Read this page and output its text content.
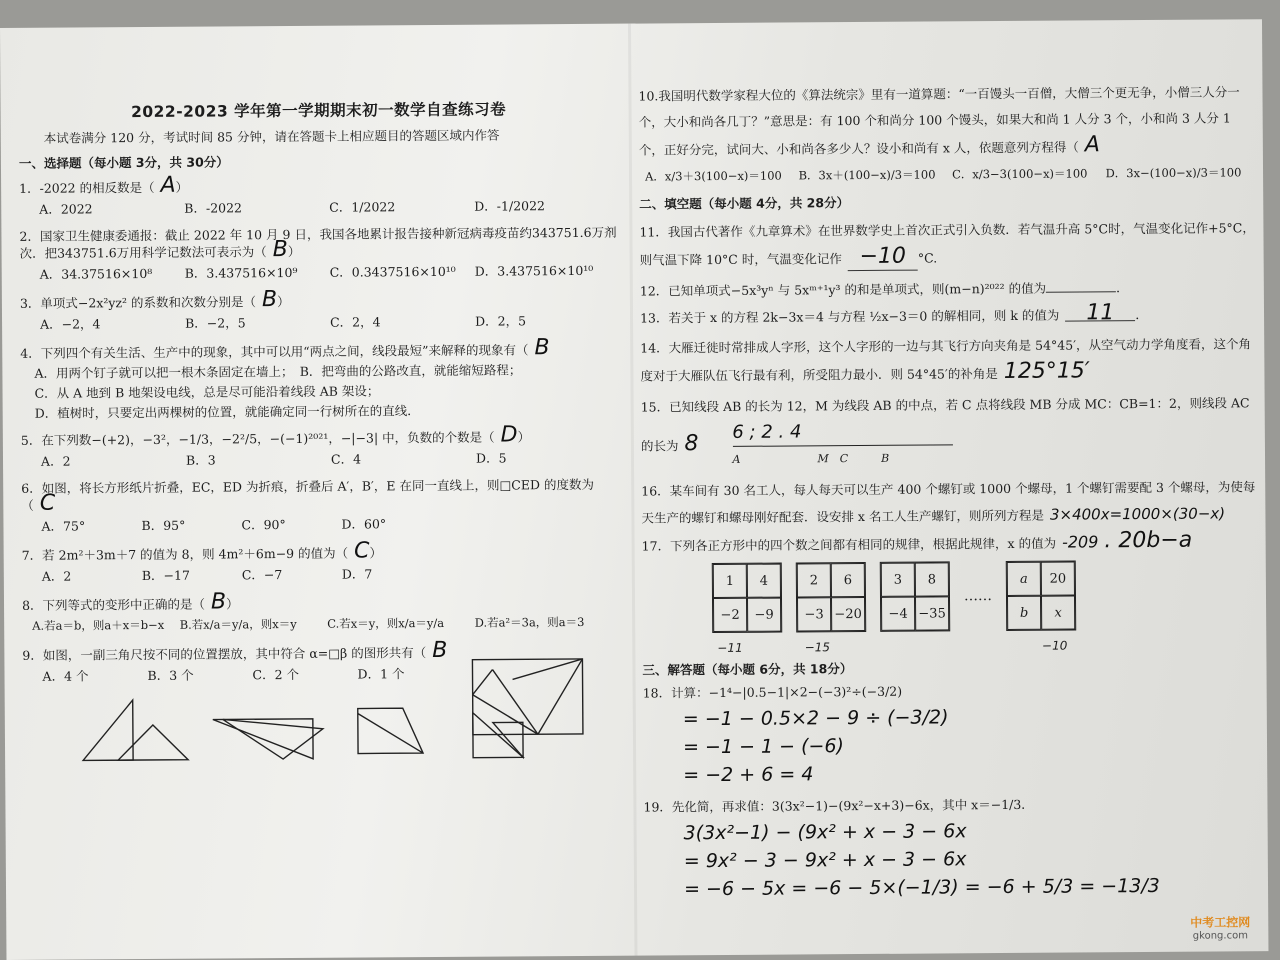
2022-2023 学年第一学期期末初一数学自查练习卷
本试卷满分 120 分，考试时间 85 分钟，请在答题卡上相应题目的答题区域内作答
一、选择题（每小题 3分，共 30分）

1．-2022 的相反数是（ A）

A．2022	B．-2022	C．1/2022	D．-1/2022

2．国家卫生健康委通报：截止 2022 年 10 月 9 日，我国各地累计报告接种新冠病毒疫苗约343751.6万剂次．把343751.6万用科学记数法可表示为（ B）

A．34.37516×10⁸	B．3.437516×10⁹	C．0.3437516×10¹⁰	D．3.437516×10¹⁰

3．单项式−2x²yz² 的系数和次数分别是（ B）

A．−2，4	B．−2，5	C．2，4	D．2，5

4．下列四个有关生活、生产中的现象，其中可以用“两点之间，线段最短”来解释的现象有（ B

A．用两个钉子就可以把一根木条固定在墙上；　B．把弯曲的公路改直，就能缩短路程；

C．从 A 地到 B 地架设电线，总是尽可能沿着线段 AB 架设；

D．植树时，只要定出两棵树的位置，就能确定同一行树所在的直线．

5．在下列数−(+2)，−3²，−1/3，−2²/5，−(−1)²⁰²¹，−|−3| 中，负数的个数是（ D）

A．2	B．3	C．4	D．5

6．如图，将长方形纸片折叠，EC，ED 为折痕，折叠后 A′，B′，E 在同一直线上，则□CED 的度数为（ C

A．75°	B．95°	C．90°	D．60°

7．若 2m²＋3m＋7 的值为 8，则 4m²＋6m−9 的值为（ C）

A．2	B．−17	C．−7	D．7

8．下列等式的变形中正确的是（ B）

A.若a＝b，则a＋x＝b−x	B.若x/a＝y/a，则x＝y	C.若x＝y，则x/a＝y/a	D.若a²＝3a，则a＝3

9．如图，一副三角尺按不同的位置摆放，其中符合 α=□β 的图形共有（ B

A．4 个	B．3 个	C．2 个	D．1 个

10.我国明代数学家程大位的《算法统宗》里有一道算题：“一百馒头一百僧，大僧三个更无争，小僧三人分一个，大小和尚各几丁？”意思是：有 100 个和尚分 100 个馒头，如果大和尚 1 人分 3 个，小和尚 3 人分 1 个，正好分完，试问大、小和尚各多少人？设小和尚有 x 人，依题意列方程得（ A

A．x/3＋3(100−x)＝100	B．3x＋(100−x)/3＝100	C．x/3−3(100−x)＝100	D．3x−(100−x)/3＝100
二、填空题（每小题 4分，共 28分）

11．我国古代著作《九章算术》在世界数学史上首次正式引入负数．若气温升高 5°C时，气温变化记作+5°C，则气温下降 10°C 时，气温变化记作 −10 °C.

12．已知单项式−5x³yⁿ 与 5xᵐ⁺¹y³ 的和是单项式，则(m−n)²⁰²² 的值为	．

13．若关于 x 的方程 2k−3x＝4 与方程 ½x−3＝0 的解相同，则 k 的值为 11 ．

14．大雁迁徙时常排成人字形，这个人字形的一边与其飞行方向夹角是 54°45′，从空气动力学角度看，这个角度对于大雁队伍飞行最有利，所受阻力最小．则 54°45′的补角是 125°15′

15．已知线段 AB 的长为 12，M 为线段 AB 的中点，若 C 点将线段 MB 分成 MC：CB=1：2，则线段 AC 的长为 8 6 ; 2 . 4
A　　　　　　　M　C　　　B

16．某车间有 30 名工人，每人每天可以生产 400 个螺钉或 1000 个螺母，1 个螺钉需要配 3 个螺母，为使每天生产的螺钉和螺母刚好配套．设安排 x 名工人生产螺钉，则所列方程是 3×400x=1000×(30−x)

17．下列各正方形中的四个数之间都有相同的规律，根据此规律，x 的值为 -209 . 20b−a

1	4
−2	−9
2	6
−3 −20
3	8
−4 −35
……
a	20
b	x
−11	−15	−10
三、解答题（每小题 6分，共 18分）

18．计算：−1⁴−|0.5−1|×2−(−3)²÷(−3/2)

= −1 − 0.5×2 − 9 ÷ (−3/2)
= −1 − 1 − (−6)
= −2 + 6 = 4

19．先化简，再求值：3(3x²−1)−(9x²−x+3)−6x，其中 x＝−1/3．

3(3x²−1) − (9x² + x − 3 − 6x
= 9x² − 3 − 9x² + x − 3 − 6x
= −6 − 5x = −6 − 5×(−1/3) = −6 + 5/3 = −13/3
中考工控网
gkong.com
